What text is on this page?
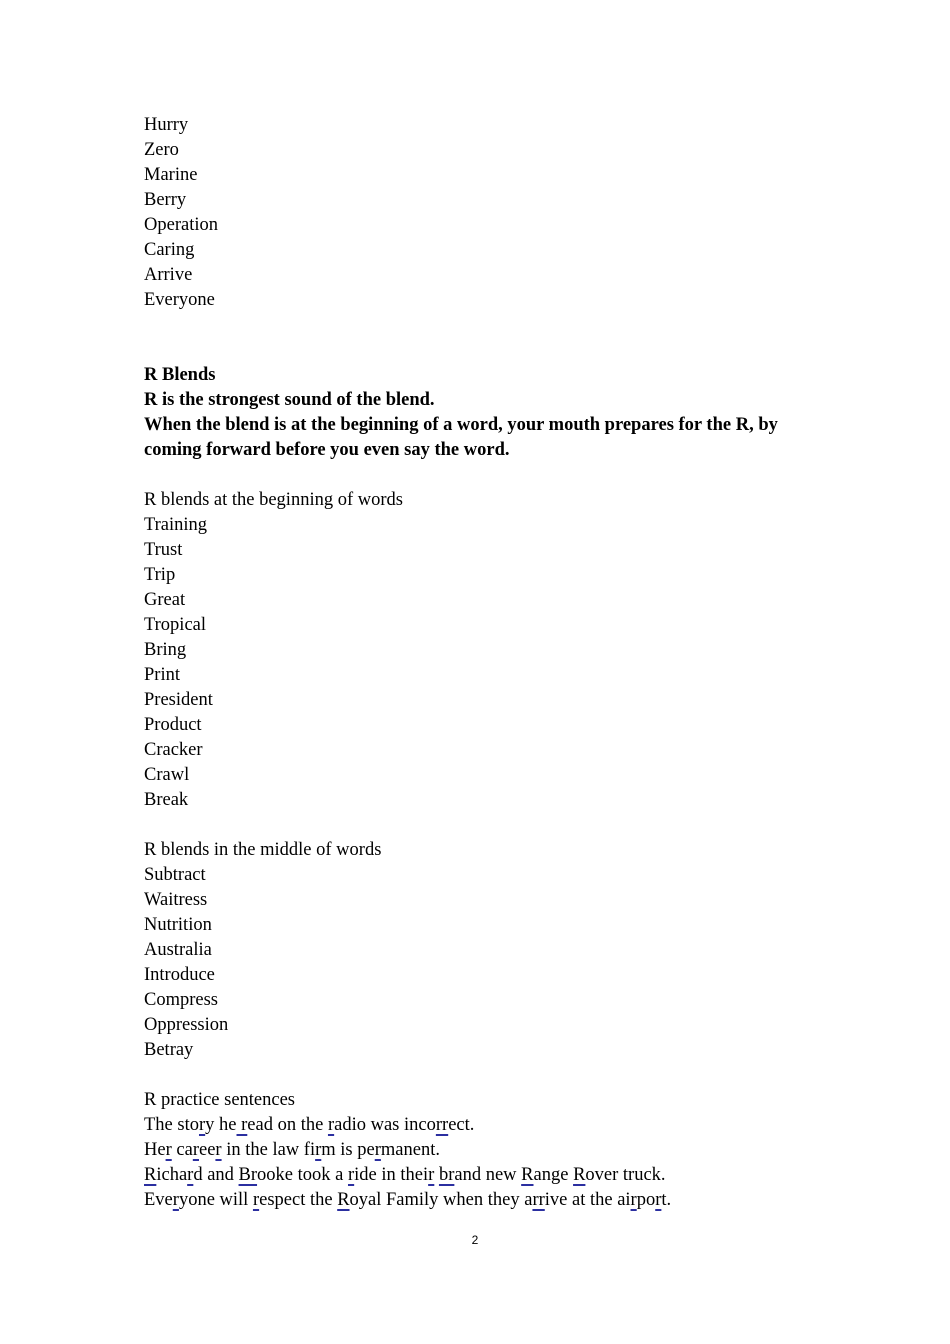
Hurry
Zero
Marine
Berry
Operation
Caring
Arrive
Everyone
R Blends
R is the strongest sound of the blend.
When the blend is at the beginning of a word, your mouth prepares for the R, by coming forward before you even say the word.
R blends at the beginning of words
Training
Trust
Trip
Great
Tropical
Bring
Print
President
Product
Cracker
Crawl
Break
R blends in the middle of words
Subtract
Waitress
Nutrition
Australia
Introduce
Compress
Oppression
Betray
R practice sentences
The story he read on the radio was incorrect.
Her career in the law firm is permanent.
Richard and Brooke took a ride in their brand new Range Rover truck.
Everyone will respect the Royal Family when they arrive at the airport.
2
